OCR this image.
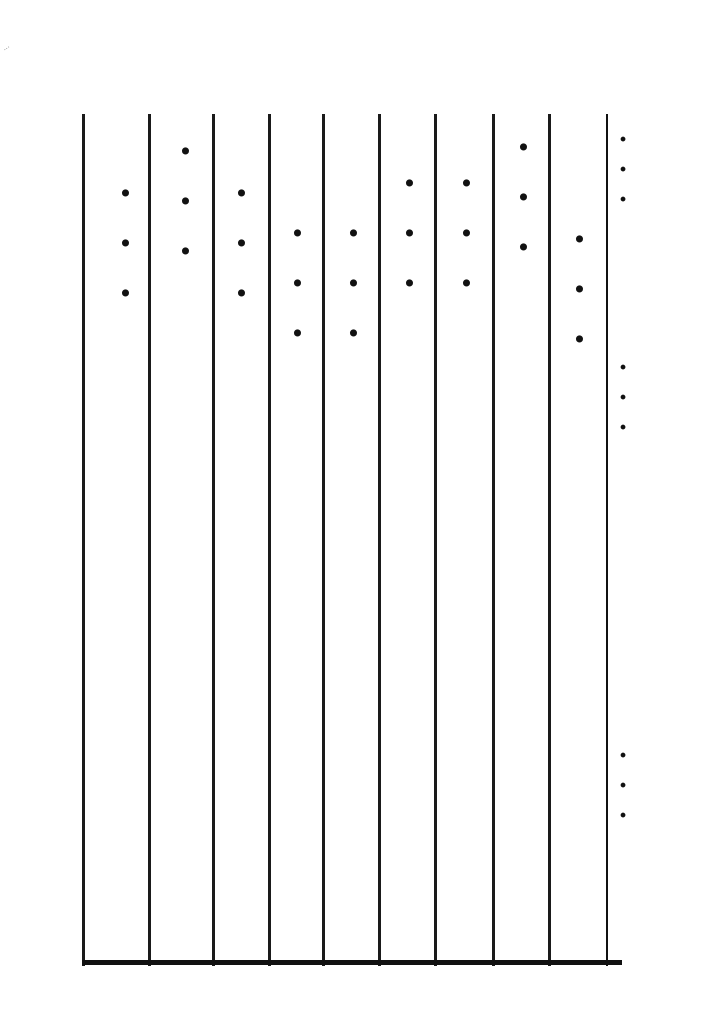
...
...
...
...
...
...
...
...
...
...	...
...
...
